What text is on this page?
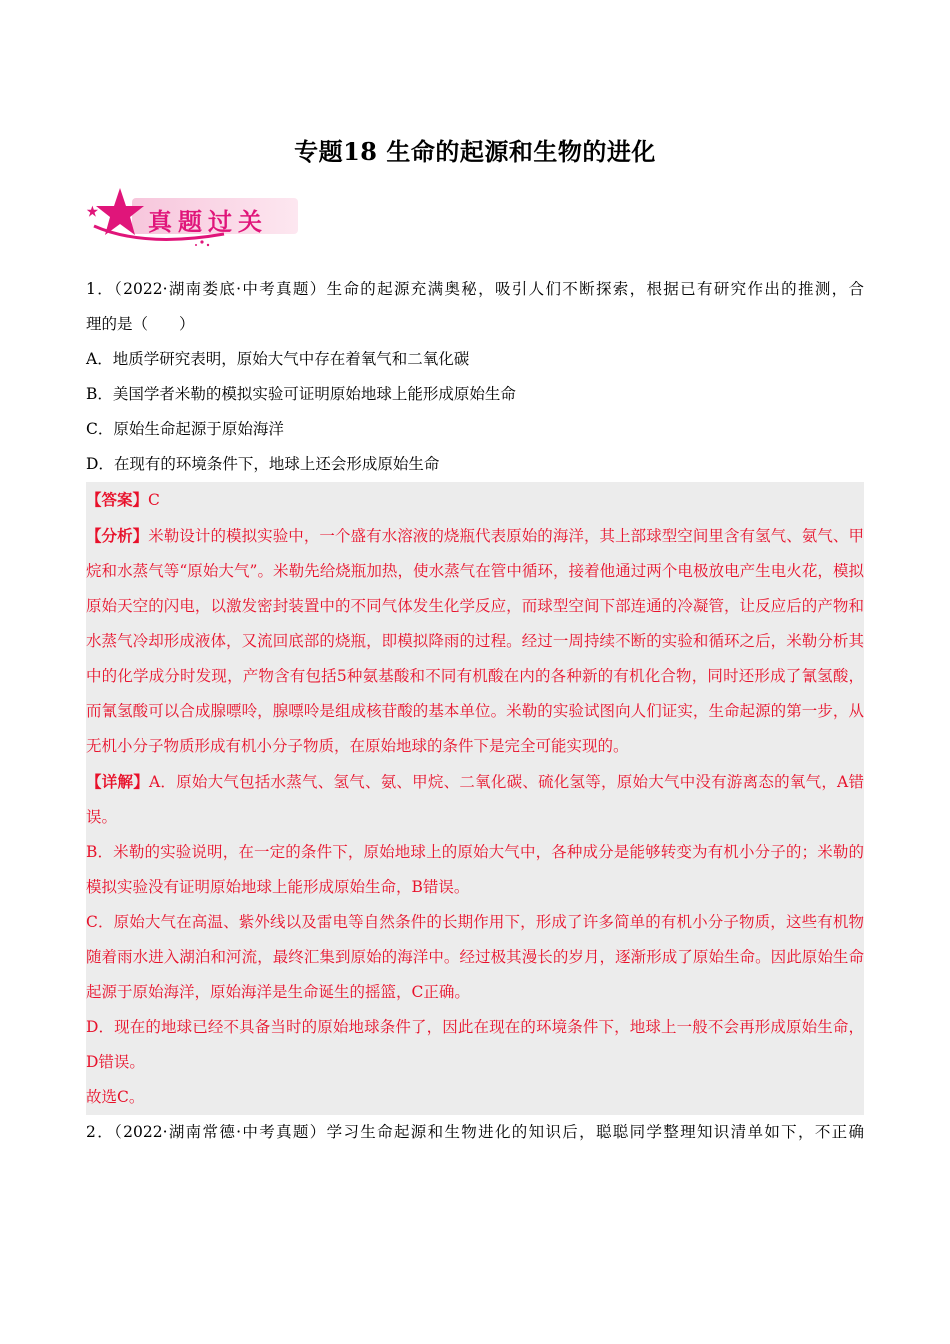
专题18 生命的起源和生物的进化
真题过关
1．（2022·湖南娄底·中考真题）生命的起源充满奥秘，吸引人们不断探索，根据已有研究作出的推测，合
理的是（　　）
A．地质学研究表明，原始大气中存在着氧气和二氧化碳
B．美国学者米勒的模拟实验可证明原始地球上能形成原始生命
C．原始生命起源于原始海洋
D．在现有的环境条件下，地球上还会形成原始生命
【答案】C
【分析】米勒设计的模拟实验中，一个盛有水溶液的烧瓶代表原始的海洋，其上部球型空间里含有氢气、氨气、甲烷和水蒸气等“原始大气”。米勒先给烧瓶加热，使水蒸气在管中循环，接着他通过两个电极放电产生电火花，模拟原始天空的闪电，以激发密封装置中的不同气体发生化学反应，而球型空间下部连通的冷凝管，让反应后的产物和水蒸气冷却形成液体，又流回底部的烧瓶，即模拟降雨的过程。经过一周持续不断的实验和循环之后，米勒分析其中的化学成分时发现，产物含有包括5种氨基酸和不同有机酸在内的各种新的有机化合物，同时还形成了氰氢酸，而氰氢酸可以合成腺嘌呤，腺嘌呤是组成核苷酸的基本单位。米勒的实验试图向人们证实，生命起源的第一步，从无机小分子物质形成有机小分子物质，在原始地球的条件下是完全可能实现的。
【详解】A．原始大气包括水蒸气、氢气、氨、甲烷、二氧化碳、硫化氢等，原始大气中没有游离态的氧气，A错误。
B．米勒的实验说明，在一定的条件下，原始地球上的原始大气中，各种成分是能够转变为有机小分子的；米勒的模拟实验没有证明原始地球上能形成原始生命，B错误。
C．原始大气在高温、紫外线以及雷电等自然条件的长期作用下，形成了许多简单的有机小分子物质，这些有机物随着雨水进入湖泊和河流，最终汇集到原始的海洋中。经过极其漫长的岁月，逐渐形成了原始生命。因此原始生命起源于原始海洋，原始海洋是生命诞生的摇篮，C正确。
D．现在的地球已经不具备当时的原始地球条件了，因此在现在的环境条件下，地球上一般不会再形成原始生命，D错误。
故选C。
2．（2022·湖南常德·中考真题）学习生命起源和生物进化的知识后，聪聪同学整理知识清单如下，不正确
